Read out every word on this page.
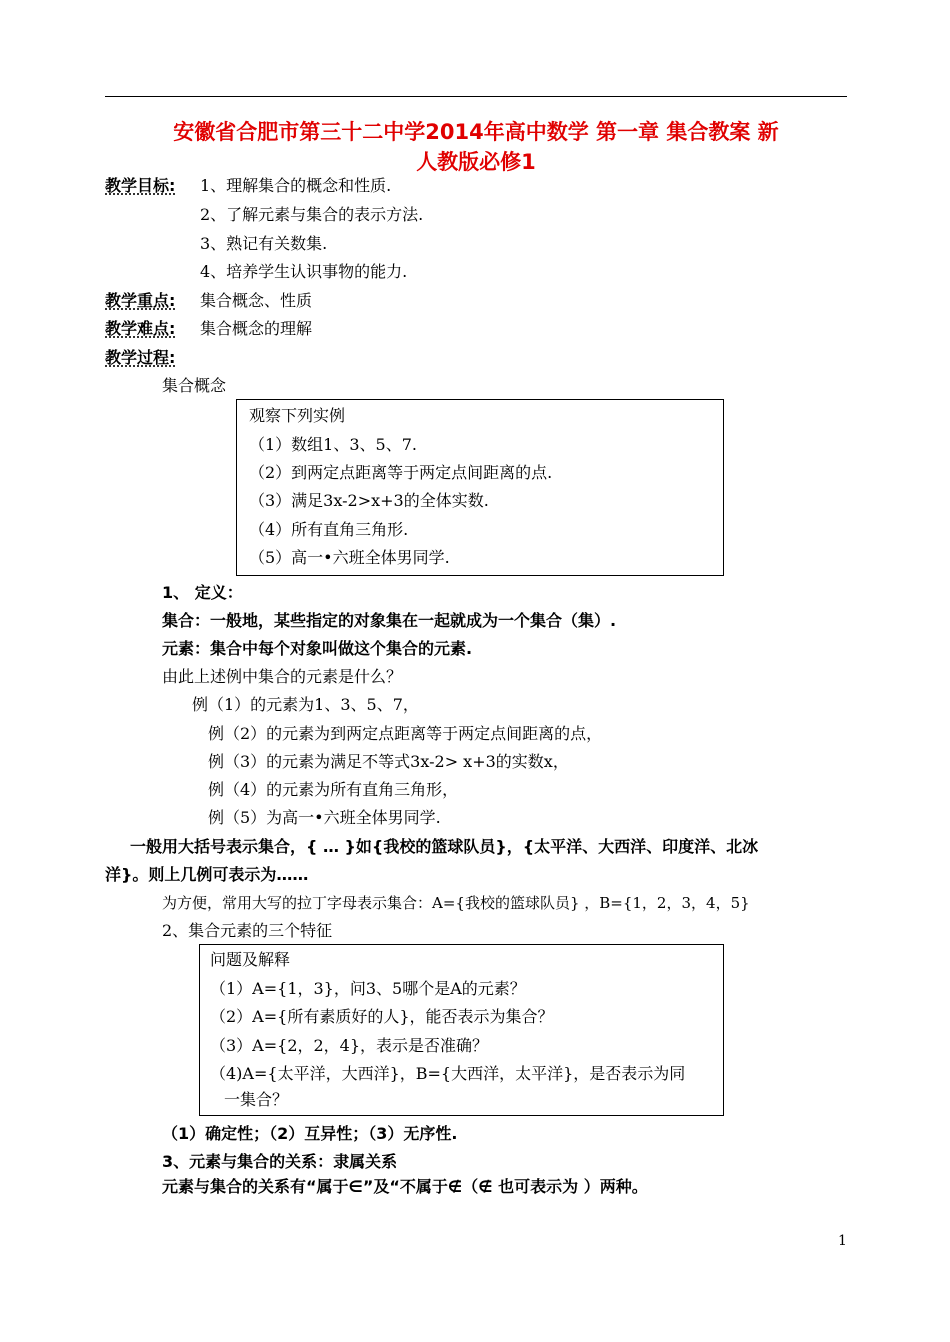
安徽省合肥市第三十二中学2014年高中数学 第一章 集合教案 新
人教版必修1
教学目标: 1、理解集合的概念和性质.
2、了解元素与集合的表示方法.
3、熟记有关数集.
4、培养学生认识事物的能力.
教学重点: 集合概念、性质
教学难点: 集合概念的理解
教学过程:
集合概念
观察下列实例
（1）数组1、3、5、7.
（2）到两定点距离等于两定点间距离的点.
（3）满足3x-2>x+3的全体实数.
（4）所有直角三角形.
（5）高一•六班全体男同学.
1、 定义：
集合：一般地，某些指定的对象集在一起就成为一个集合（集）.
元素：集合中每个对象叫做这个集合的元素.
由此上述例中集合的元素是什么？
例（1）的元素为1、3、5、7，
例（2）的元素为到两定点距离等于两定点间距离的点，
例（3）的元素为满足不等式3x-2> x+3的实数x，
例（4）的元素为所有直角三角形，
例（5）为高一•六班全体男同学.
一般用大括号表示集合，{ … }如{我校的篮球队员}，{太平洋、大西洋、印度洋、北冰
洋}。则上几例可表示为……
为方便，常用大写的拉丁字母表示集合：A={我校的篮球队员} ，B={1，2，3，4，5}
2、集合元素的三个特征
问题及解释
（1）A={1，3}，问3、5哪个是A的元素？
（2）A={所有素质好的人}，能否表示为集合？
（3）A={2，2，4}，表示是否准确？
（4)A={太平洋，大西洋}，B={大西洋，太平洋}，是否表示为同
一集合？
（1）确定性；（2）互异性；（3）无序性.
3、元素与集合的关系：隶属关系
元素与集合的关系有“属于∈”及“不属于∉（∉ 也可表示为 ）两种。
1
